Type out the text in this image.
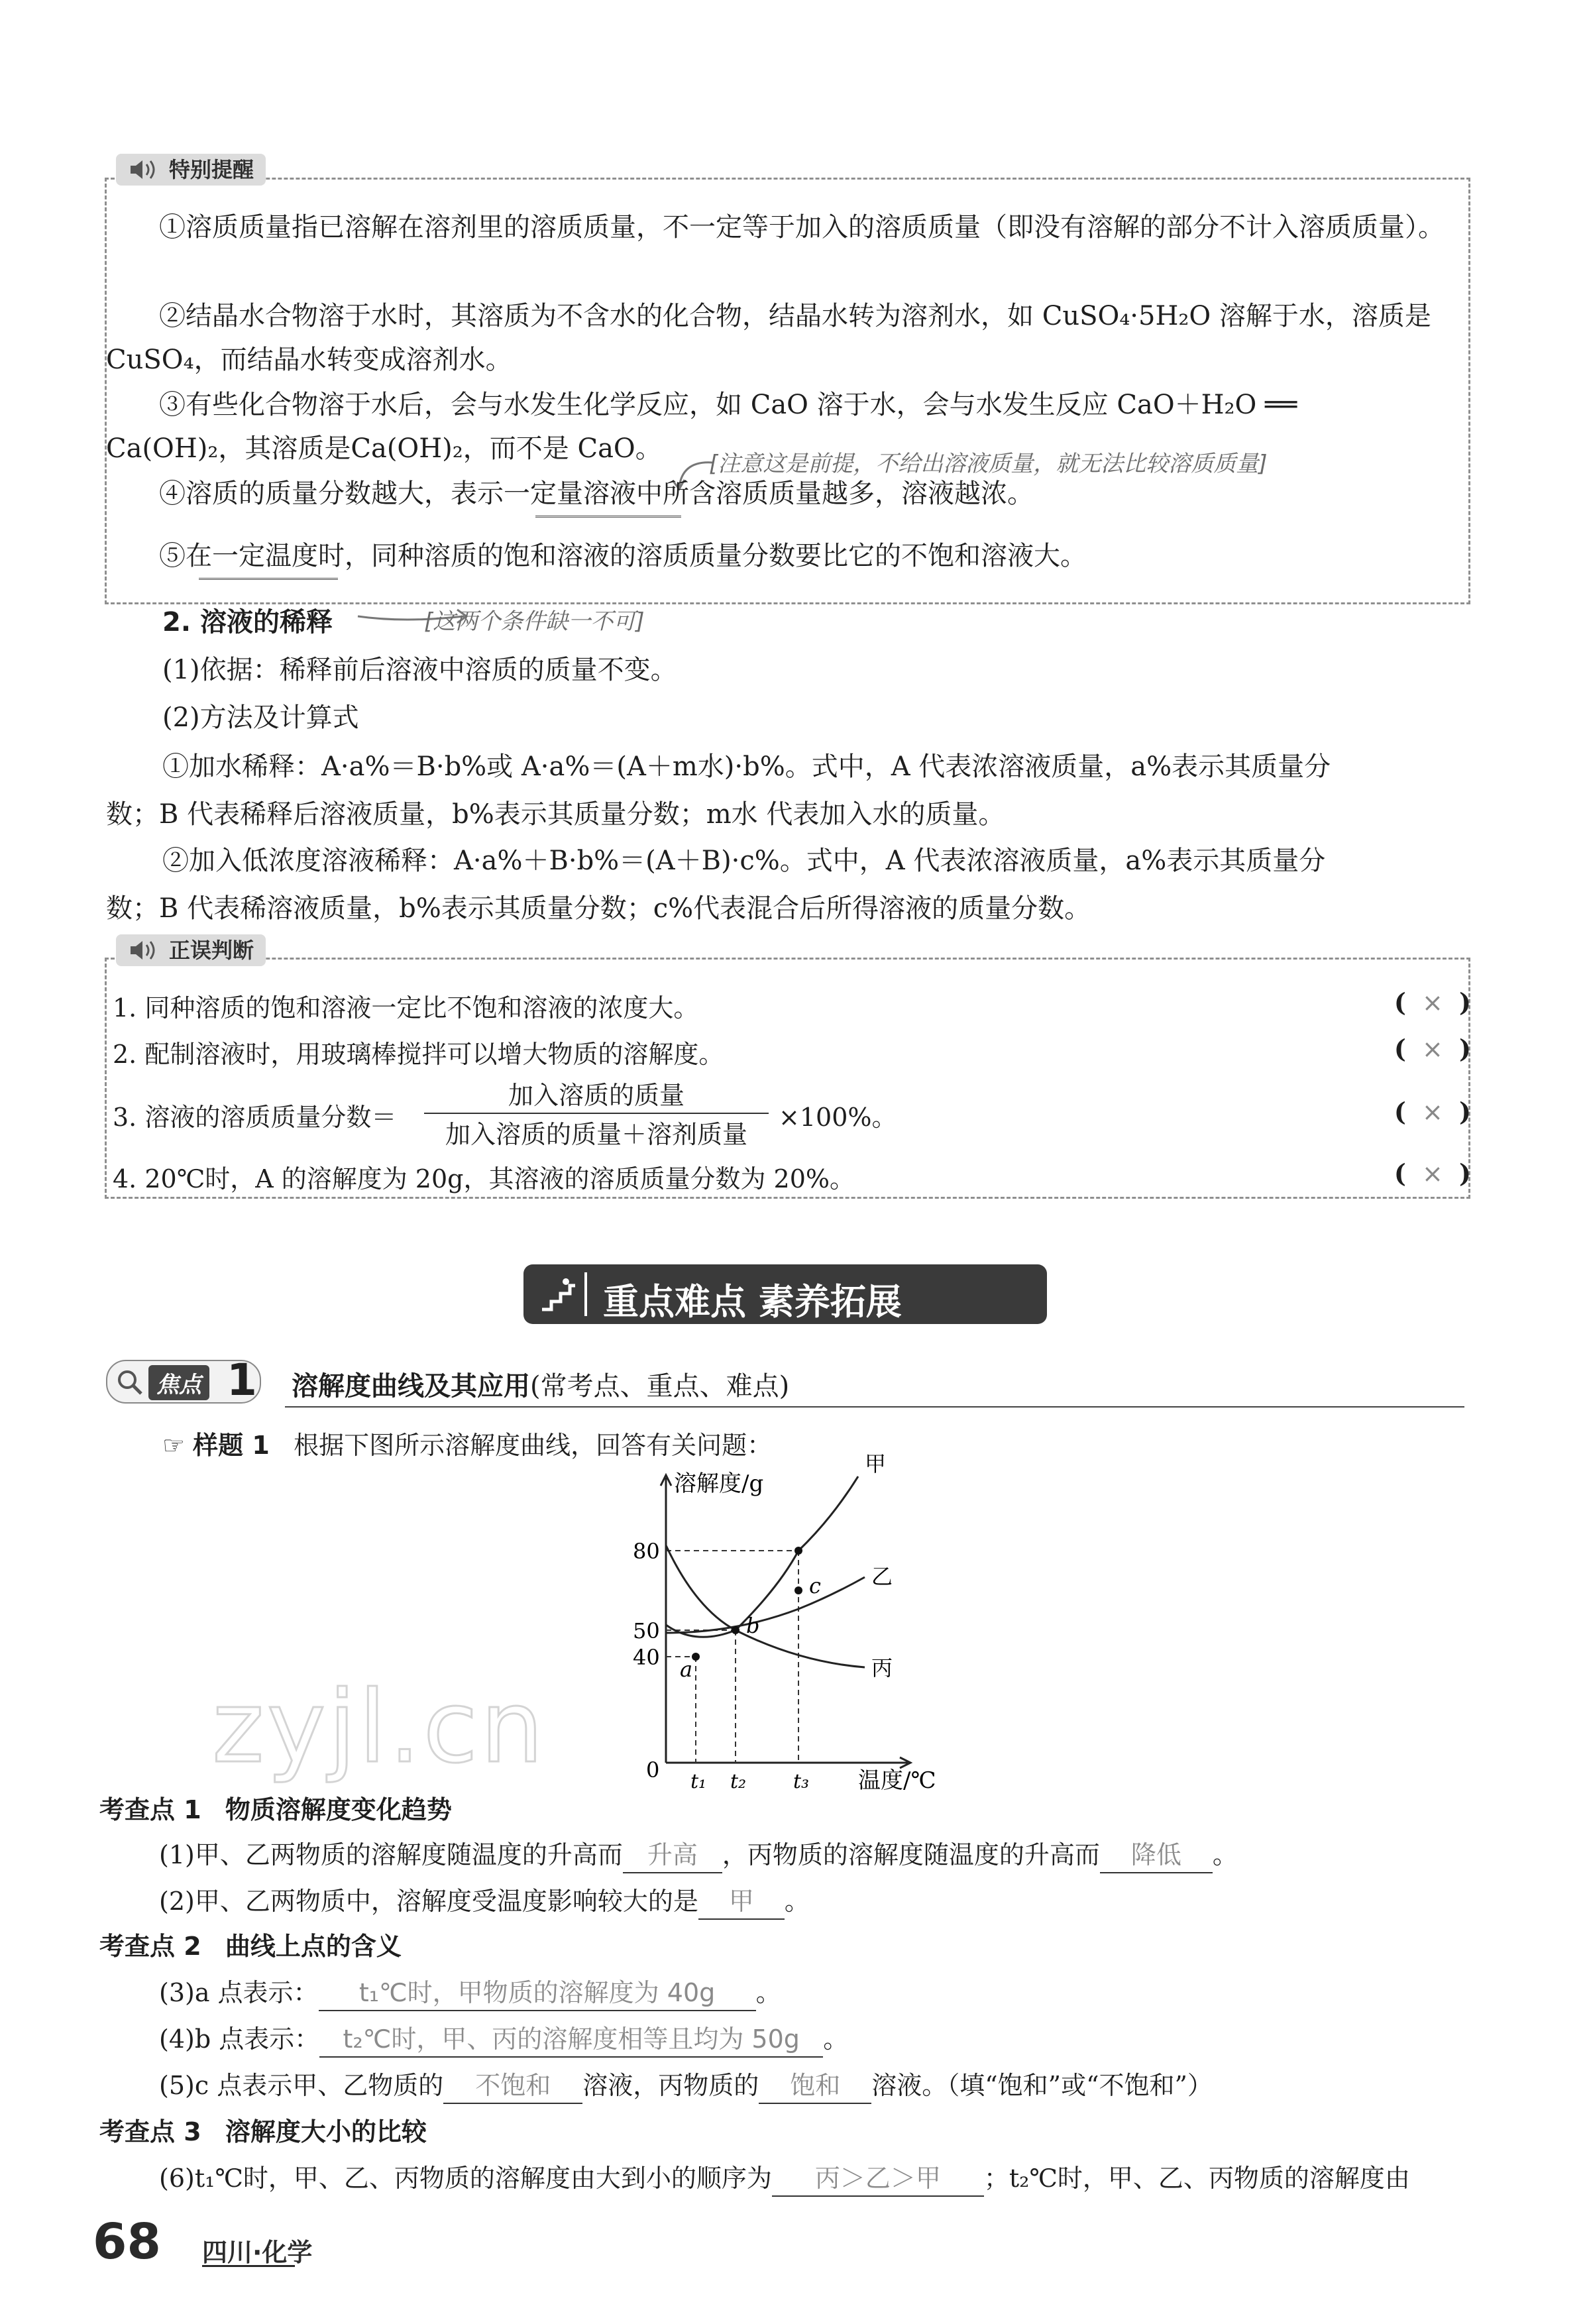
特别提醒
①溶质质量指已溶解在溶剂里的溶质质量，不一定等于加入的溶质质量（即没有溶解的部分不计入溶质质量）。
②结晶水合物溶于水时，其溶质为不含水的化合物，结晶水转为溶剂水，如 CuSO₄·5H₂O 溶解于水，溶质是 CuSO₄，而结晶水转变成溶剂水。
③有些化合物溶于水后，会与水发生化学反应，如 CaO 溶于水，会与水发生反应 CaO＋H₂O ══
Ca(OH)₂，其溶质是Ca(OH)₂，而不是 CaO。	[注意这是前提，不给出溶液质量，就无法比较溶质质量]
④溶质的质量分数越大，表示一定量溶液中所含溶质质量越多，溶液越浓。
⑤在一定温度时，同种溶质的饱和溶液的溶质质量分数要比它的不饱和溶液大。
2. 溶液的稀释	[这两个条件缺一不可]
(1)依据：稀释前后溶液中溶质的质量不变。
(2)方法及计算式
①加水稀释：A·a%＝B·b%或 A·a%＝(A＋m水)·b%。式中，A 代表浓溶液质量，a%表示其质量分
数；B 代表稀释后溶液质量，b%表示其质量分数；m水 代表加入水的质量。
②加入低浓度溶液稀释：A·a%＋B·b%＝(A＋B)·c%。式中，A 代表浓溶液质量，a%表示其质量分
数；B 代表稀溶液质量，b%表示其质量分数；c%代表混合后所得溶液的质量分数。
正误判断
1. 同种溶质的饱和溶液一定比不饱和溶液的浓度大。	( × )
2. 配制溶液时，用玻璃棒搅拌可以增大物质的溶解度。	( × )
3. 溶液的溶质质量分数＝
加入溶质的质量
加入溶质的质量＋溶剂质量
×100%。	( × )
4. 20℃时，A 的溶解度为 20g，其溶液的溶质质量分数为 20%。	( × )
重点难点 素养拓展
焦点 1 溶解度曲线及其应用(常考点、重点、难点)
☞ 样题 1 根据下图所示溶解度曲线，回答有关问题：
溶解度/g
温度/℃
0
40
50
80
t₁ t₂ t₃
甲
乙
丙
a
b
c
zyjl.cn
考查点 1 物质溶解度变化趋势
(1)甲、乙两物质的溶解度随温度的升高而 升高 ，丙物质的溶解度随温度的升高而 降低 。
(2)甲、乙两物质中，溶解度受温度影响较大的是 甲 。
考查点 2 曲线上点的含义
(3)a 点表示： t₁℃时，甲物质的溶解度为 40g 。
(4)b 点表示： t₂℃时，甲、丙的溶解度相等且均为 50g 。
(5)c 点表示甲、乙物质的 不饱和 溶液，丙物质的 饱和 溶液。（填“饱和”或“不饱和”）
考查点 3 溶解度大小的比较
(6)t₁℃时，甲、乙、丙物质的溶解度由大到小的顺序为 丙＞乙＞甲 ；t₂℃时，甲、乙、丙物质的溶解度由
68 四川·化学
